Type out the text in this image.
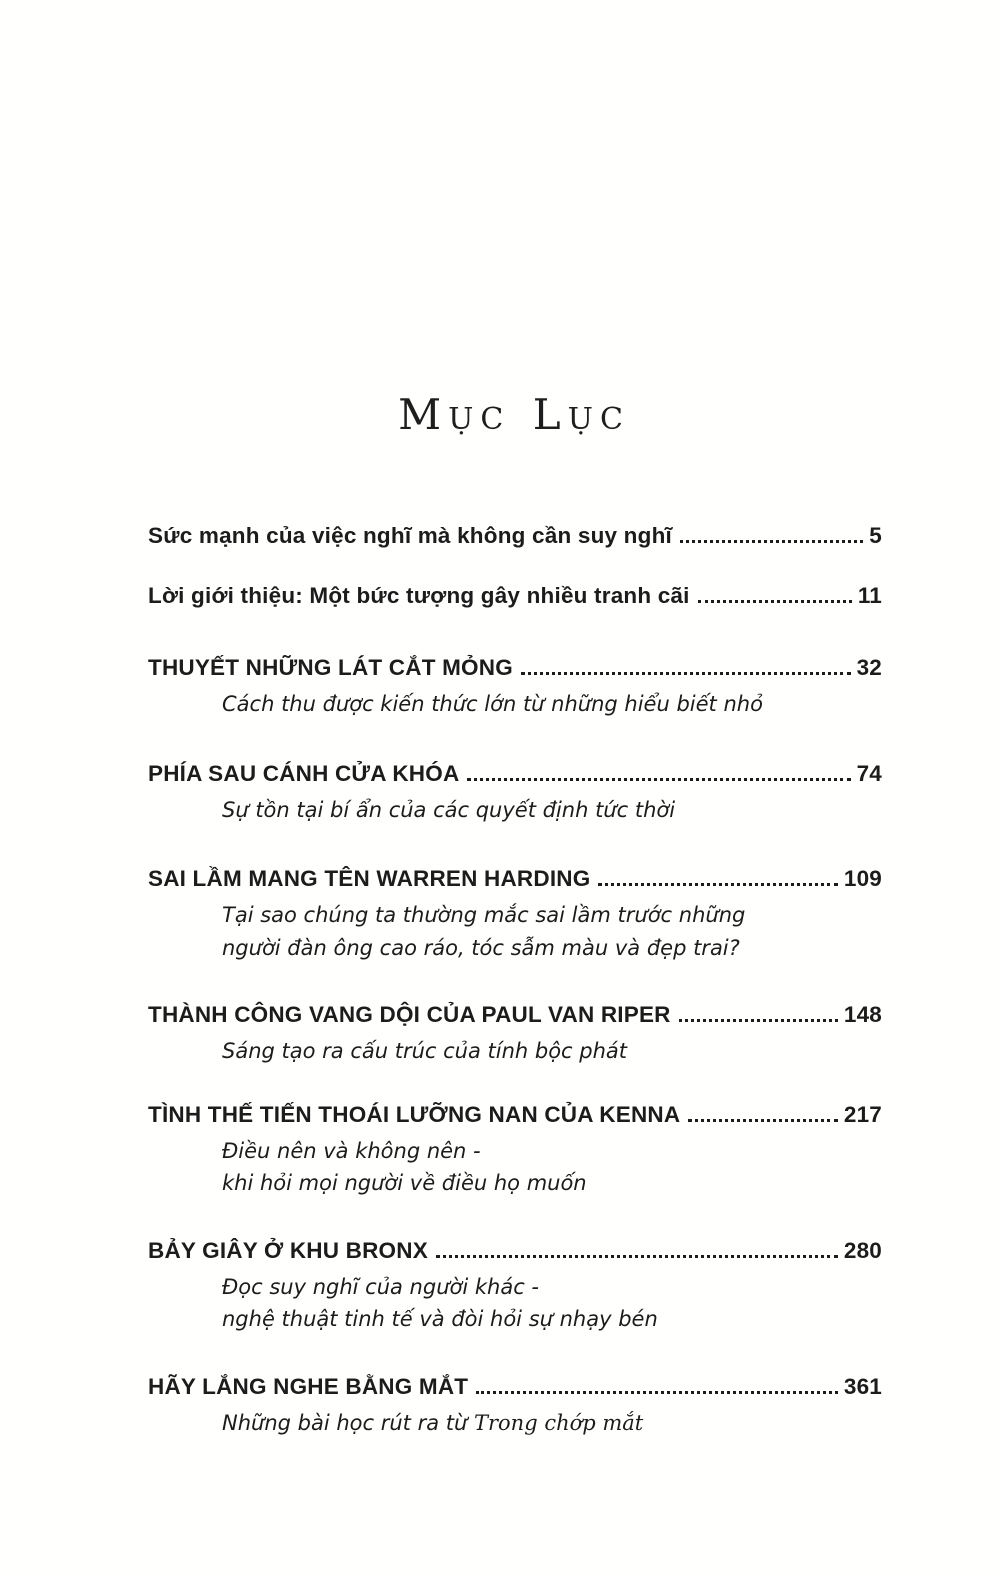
MỤC LỤC
Sức mạnh của việc nghĩ mà không cần suy nghĩ	5
Lời giới thiệu: Một bức tượng gây nhiều tranh cãi	11
THUYẾT NHỮNG LÁT CẮT MỎNG	32
Cách thu được kiến thức lớn từ những hiểu biết nhỏ
PHÍA SAU CÁNH CỬA KHÓA	74
Sự tồn tại bí ẩn của các quyết định tức thời
SAI LẦM MANG TÊN WARREN HARDING	109
Tại sao chúng ta thường mắc sai lầm trước những
người đàn ông cao ráo, tóc sẫm màu và đẹp trai?
THÀNH CÔNG VANG DỘI CỦA PAUL VAN RIPER	148
Sáng tạo ra cấu trúc của tính bộc phát
TÌNH THẾ TIẾN THOÁI LƯỠNG NAN CỦA KENNA	217
Điều nên và không nên -
khi hỏi mọi người về điều họ muốn
BẢY GIÂY Ở KHU BRONX	280
Đọc suy nghĩ của người khác -
nghệ thuật tinh tế và đòi hỏi sự nhạy bén
HÃY LẮNG NGHE BẰNG MẮT	361
Những bài học rút ra từ Trong chớp mắt
